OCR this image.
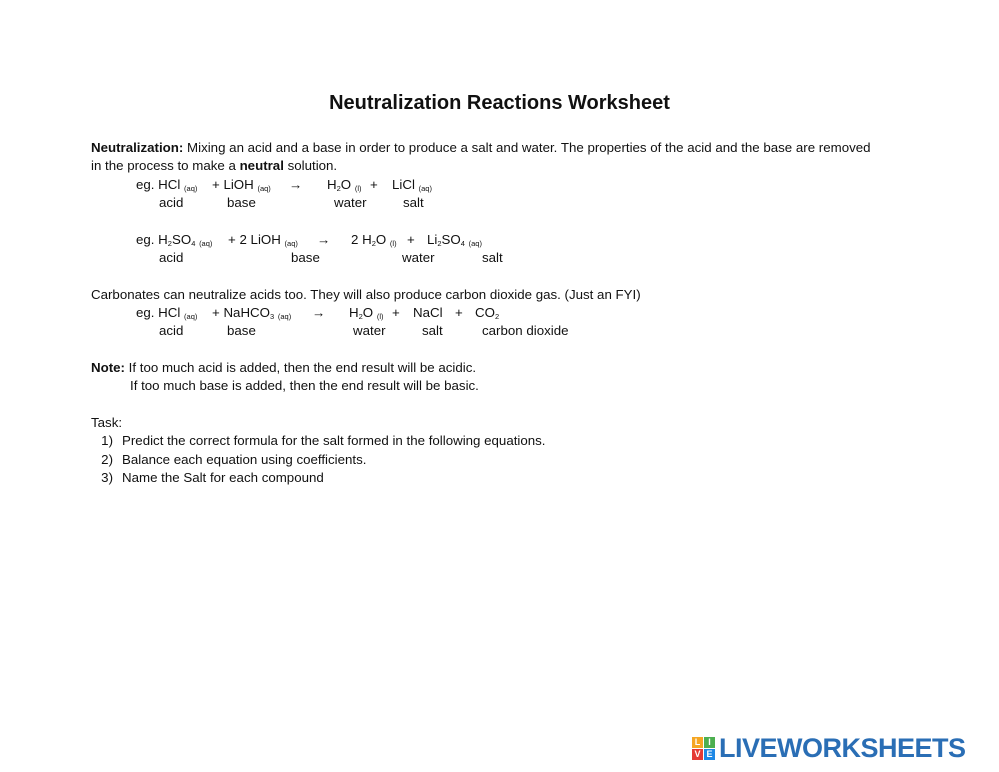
Neutralization Reactions Worksheet
Neutralization: Mixing an acid and a base in order to produce a salt and water. The properties of the acid and the base are removed
in the process to make a neutral solution.
eg. HCl $_{(aq)}$ + LiOH $_{(aq)} \to H_2O$ $_{(l)}$ + LiCl $_{(aq)}$
acid	base	water	salt
eg. $H_2SO_4$ $_{(aq)}$ + 2 LiOH $_{(aq)}$ → 2 $H_2O$ $_{(l)} + Li_2SO_4$ $_{(aq)}$
acid	base	water	salt
Carbonates can neutralize acids too. They will also produce carbon dioxide gas. (Just an FYI)
eg. HCl $_{(aq)}$ + NaHCO$_3$ $_{(aq)} \to H_2O$ $_{(l)}$ + NaCl + $CO_2$
acid	base	water	salt	carbon dioxide
Note: If too much acid is added, then the end result will be acidic.
If too much base is added, then the end result will be basic.
Task:
1) Predict the correct formula for the salt formed in the following equations.
2) Balance each equation using coefficients.
3) Name the Salt for each compound
L I
V E LIVEWORKSHEETS
